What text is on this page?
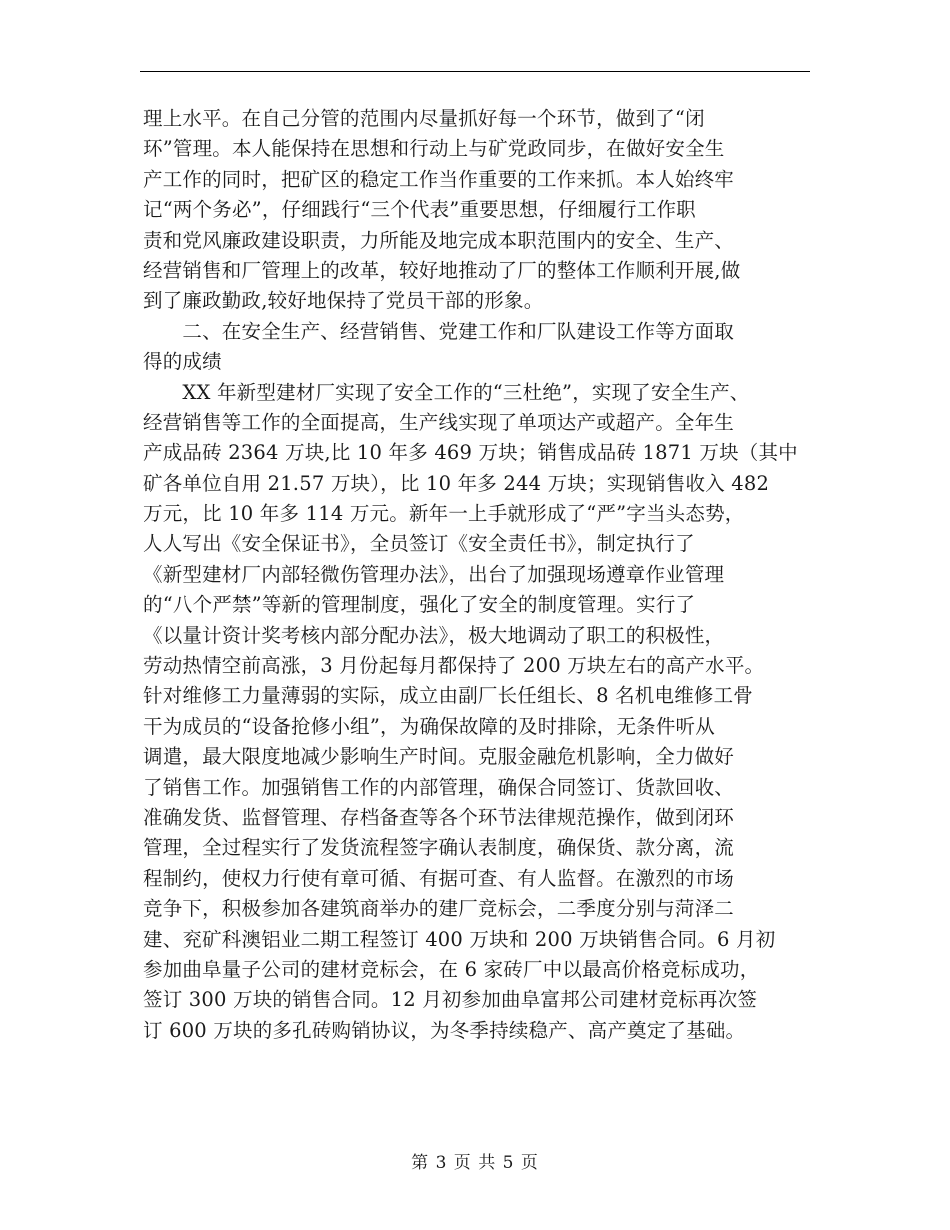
理上水平。在自己分管的范围内尽量抓好每一个环节，做到了“闭
环”管理。本人能保持在思想和行动上与矿党政同步，在做好安全生
产工作的同时，把矿区的稳定工作当作重要的工作来抓。本人始终牢
记“两个务必”，仔细践行“三个代表”重要思想，仔细履行工作职
责和党风廉政建设职责，力所能及地完成本职范围内的安全、生产、
经营销售和厂管理上的改革，较好地推动了厂的整体工作顺利开展,做
到了廉政勤政,较好地保持了党员干部的形象。
　　二、在安全生产、经营销售、党建工作和厂队建设工作等方面取
得的成绩
　　XX 年新型建材厂实现了安全工作的“三杜绝”，实现了安全生产、
经营销售等工作的全面提高，生产线实现了单项达产或超产。全年生
产成品砖 2364 万块,比 10 年多 469 万块；销售成品砖 1871 万块（其中
矿各单位自用 21.57 万块），比 10 年多 244 万块；实现销售收入 482
万元，比 10 年多 114 万元。新年一上手就形成了“严”字当头态势，
人人写出《安全保证书》，全员签订《安全责任书》，制定执行了
《新型建材厂内部轻微伤管理办法》，出台了加强现场遵章作业管理
的“八个严禁”等新的管理制度，强化了安全的制度管理。实行了
《以量计资计奖考核内部分配办法》，极大地调动了职工的积极性，
劳动热情空前高涨，3 月份起每月都保持了 200 万块左右的高产水平。
针对维修工力量薄弱的实际，成立由副厂长任组长、8 名机电维修工骨
干为成员的“设备抢修小组”，为确保故障的及时排除，无条件听从
调遣，最大限度地减少影响生产时间。克服金融危机影响，全力做好
了销售工作。加强销售工作的内部管理，确保合同签订、货款回收、
准确发货、监督管理、存档备查等各个环节法律规范操作，做到闭环
管理，全过程实行了发货流程签字确认表制度，确保货、款分离，流
程制约，使权力行使有章可循、有据可查、有人监督。在激烈的市场
竞争下，积极参加各建筑商举办的建厂竞标会，二季度分别与菏泽二
建、兖矿科澳铝业二期工程签订 400 万块和 200 万块销售合同。6 月初
参加曲阜量子公司的建材竞标会，在 6 家砖厂中以最高价格竞标成功，
签订 300 万块的销售合同。12 月初参加曲阜富邦公司建材竞标再次签
订 600 万块的多孔砖购销协议，为冬季持续稳产、高产奠定了基础。
第 3 页 共 5 页
